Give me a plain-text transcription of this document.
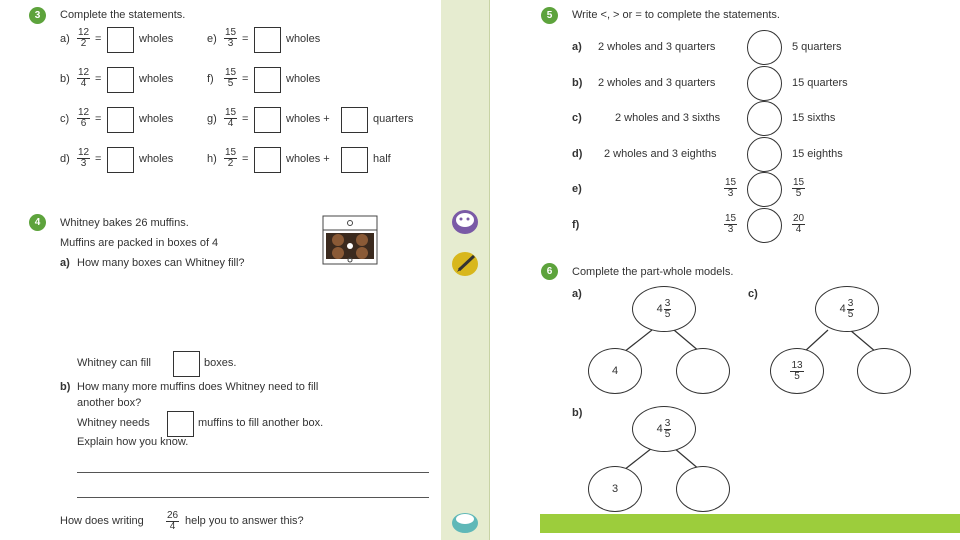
3	Complete the statements.
$a) \frac{12}{2}$ =	wholes
$b) \frac{12}{4}$ =	wholes
$c) \frac{12}{6}$ =	wholes
$d) \frac{12}{3}$ =	wholes
$e) \frac{15}{3}$ =	wholes
$f) \frac{15}{5}$ =	wholes
$g) \frac{15}{4}$ =	wholes +	quarters
$h) \frac{15}{2}$ =	wholes +	half
4	Whitney bakes 26 muffins.
Muffins are packed in boxes of 4
a) How many boxes can Whitney fill?
Whitney can fill	boxes.
b) How many more muffins does Whitney need to fill
another box?
Whitney needs	muffins to fill another box.
Explain how you know.
How does writing $\frac{26}{4}$ help you to answer this?
5	Write <, > or = to complete the statements.
a) 2 wholes and 3 quarters	5 quarters
b) 2 wholes and 3 quarters	15 quarters
c)	2 wholes and 3 sixths	15 sixths
d) 2 wholes and 3 eighths	15 eighths
e)	$\frac{15}{3}$	$\frac{15}{5}$
f)	$\frac{15}{3}$	$\frac{20}{4}$
6	Complete the part-whole models.
a)
$4 \frac{3}{5}$
4
c)
$4 \frac{3}{5}$
$\frac{13}{5}$
b)
$4 \frac{3}{5}$
3
